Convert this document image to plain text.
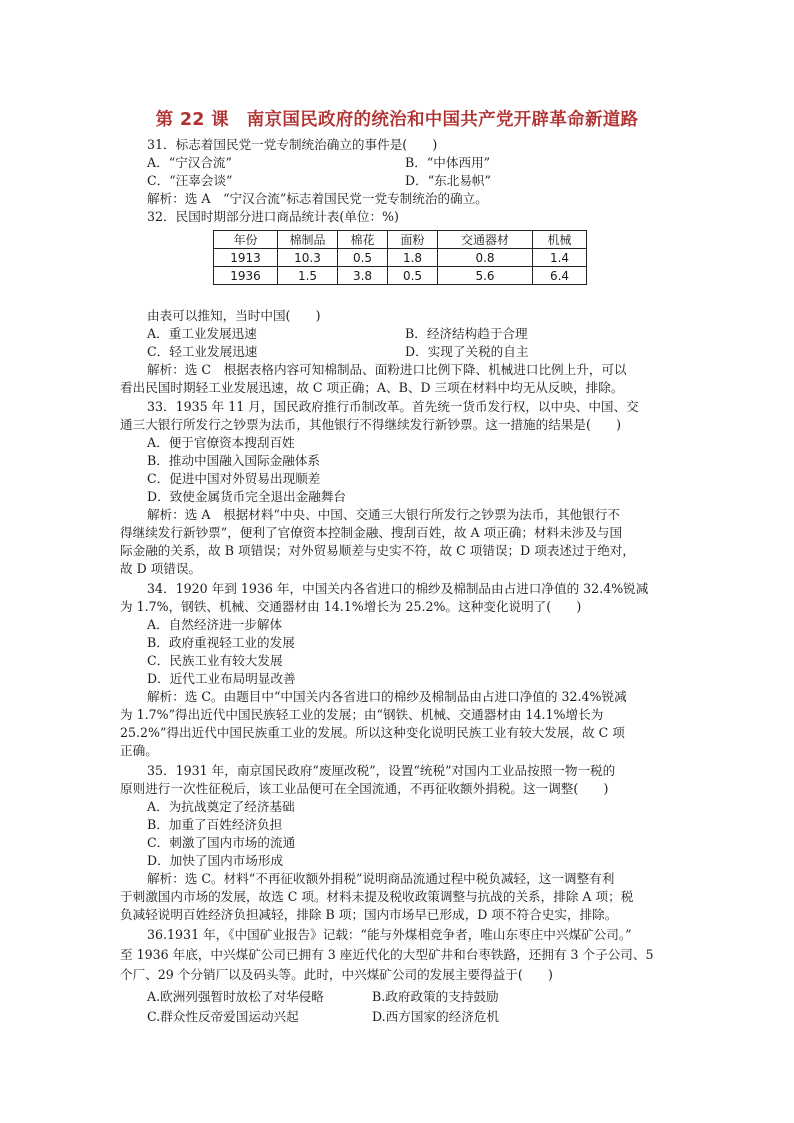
第 22 课　南京国民政府的统治和中国共产党开辟革命新道路
31．标志着国民党一党专制统治确立的事件是(　　)
A．“宁汉合流”	B．“中体西用”
C．“汪辜会谈”	D．“东北易帜”
解析：选 A　“宁汉合流”标志着国民党一党专制统治的确立。
32．民国时期部分进口商品统计表(单位：%)
年份	棉制品	棉花	面粉	交通器材	机械
1913	10.3	0.5	1.8	0.8	1.4
1936	1.5	3.8	0.5	5.6	6.4
由表可以推知，当时中国(　　)
A．重工业发展迅速	B．经济结构趋于合理
C．轻工业发展迅速	D．实现了关税的自主
解析：选 C　根据表格内容可知棉制品、面粉进口比例下降、机械进口比例上升，可以
看出民国时期轻工业发展迅速，故 C 项正确；A、B、D 三项在材料中均无从反映，排除。
33．1935 年 11 月，国民政府推行币制改革。首先统一货币发行权，以中央、中国、交
通三大银行所发行之钞票为法币，其他银行不得继续发行新钞票。这一措施的结果是(　　)
A．便于官僚资本搜刮百姓
B．推动中国融入国际金融体系
C．促进中国对外贸易出现顺差
D．致使金属货币完全退出金融舞台
解析：选 A　根据材料“中央、中国、交通三大银行所发行之钞票为法币，其他银行不
得继续发行新钞票”，便利了官僚资本控制金融、搜刮百姓，故 A 项正确；材料未涉及与国
际金融的关系，故 B 项错误；对外贸易顺差与史实不符，故 C 项错误；D 项表述过于绝对，
故 D 项错误。
34．1920 年到 1936 年，中国关内各省进口的棉纱及棉制品由占进口净值的 32.4%锐减
为 1.7%，钢铁、机械、交通器材由 14.1%增长为 25.2%。这种变化说明了(　　)
A．自然经济进一步解体
B．政府重视轻工业的发展
C．民族工业有较大发展
D．近代工业布局明显改善
解析：选 C。由题目中“中国关内各省进口的棉纱及棉制品由占进口净值的 32.4%锐减
为 1.7%”得出近代中国民族轻工业的发展；由“钢铁、机械、交通器材由 14.1%增长为
25.2%”得出近代中国民族重工业的发展。所以这种变化说明民族工业有较大发展，故 C 项
正确。
35．1931 年，南京国民政府“废厘改税”，设置“统税”对国内工业品按照一物一税的
原则进行一次性征税后，该工业品便可在全国流通，不再征收额外捐税。这一调整(　　)
A．为抗战奠定了经济基础
B．加重了百姓经济负担
C．刺激了国内市场的流通
D．加快了国内市场形成
解析：选 C。材料“不再征收额外捐税”说明商品流通过程中税负减轻，这一调整有利
于刺激国内市场的发展，故选 C 项。材料未提及税收政策调整与抗战的关系，排除 A 项；税
负减轻说明百姓经济负担减轻，排除 B 项；国内市场早已形成，D 项不符合史实，排除。
36.1931 年，《中国矿业报告》记载：“能与外煤相竞争者，唯山东枣庄中兴煤矿公司。”
至 1936 年底，中兴煤矿公司已拥有 3 座近代化的大型矿井和台枣铁路，还拥有 3 个子公司、5
个厂、29 个分销厂以及码头等。此时，中兴煤矿公司的发展主要得益于(　　)
A.欧洲列强暂时放松了对华侵略	B.政府政策的支持鼓励
C.群众性反帝爱国运动兴起	D.西方国家的经济危机
